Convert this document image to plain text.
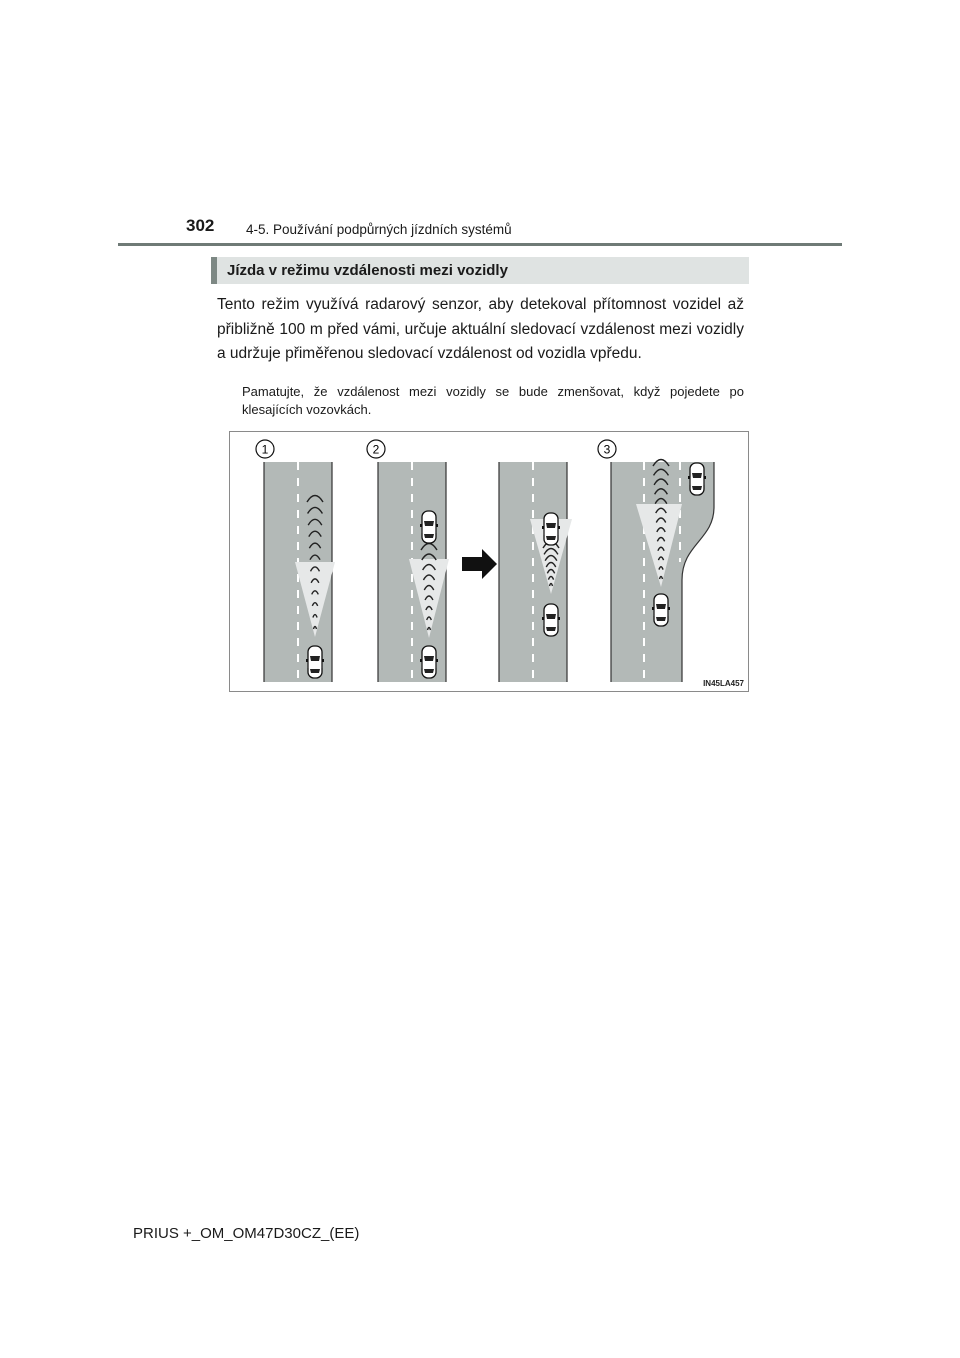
302 4-5. Používání podpůrných jízdních systémů
Jízda v režimu vzdálenosti mezi vozidly

Tento režim využívá radarový senzor, aby detekoval přítomnost vozidel až přibližně 100 m před vámi, určuje aktuální sledovací vzdálenost mezi vozidly a udržuje přiměřenou sledovací vzdálenost od vozidla vpředu.

Pamatujte, že vzdálenost mezi vozidly se bude zmenšovat, když pojedete po klesajících vozovkách.

1	2	3
IN45LA457
PRIUS +_OM_OM47D30CZ_(EE)
